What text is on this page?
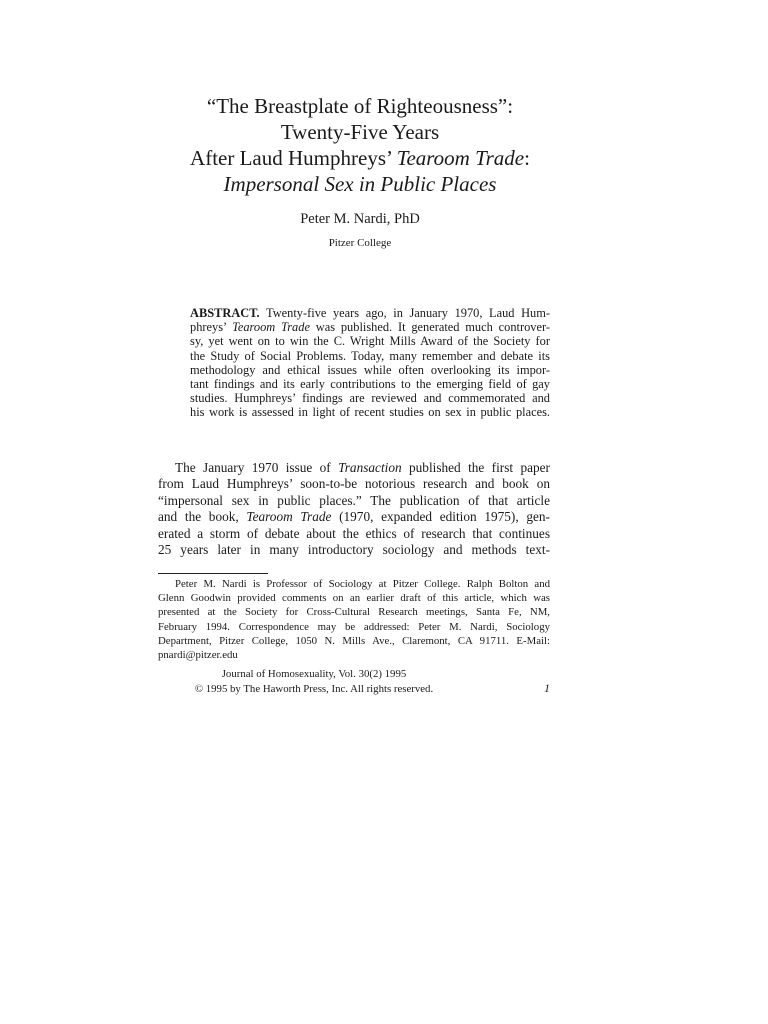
“The Breastplate of Righteousness”:
Twenty-Five Years
After Laud Humphreys’ Tearoom Trade:
Impersonal Sex in Public Places
Peter M. Nardi, PhD
Pitzer College
ABSTRACT. Twenty-five years ago, in January 1970, Laud Hum-
phreys’ Tearoom Trade was published. It generated much controver-
sy, yet went on to win the C. Wright Mills Award of the Society for
the Study of Social Problems. Today, many remember and debate its
methodology and ethical issues while often overlooking its impor-
tant findings and its early contributions to the emerging field of gay
studies. Humphreys’ findings are reviewed and commemorated and
his work is assessed in light of recent studies on sex in public places.
The January 1970 issue of Transaction published the first paper
from Laud Humphreys’ soon-to-be notorious research and book on
“impersonal sex in public places.” The publication of that article
and the book, Tearoom Trade (1970, expanded edition 1975), gen-
erated a storm of debate about the ethics of research that continues
25 years later in many introductory sociology and methods text-
Peter M. Nardi is Professor of Sociology at Pitzer College. Ralph Bolton and
Glenn Goodwin provided comments on an earlier draft of this article, which was
presented at the Society for Cross-Cultural Research meetings, Santa Fe, NM,
February 1994. Correspondence may be addressed: Peter M. Nardi, Sociology
Department, Pitzer College, 1050 N. Mills Ave., Claremont, CA 91711. E-Mail:
pnardi@pitzer.edu
Journal of Homosexuality, Vol. 30(2) 1995
© 1995 by The Haworth Press, Inc. All rights reserved.	1
